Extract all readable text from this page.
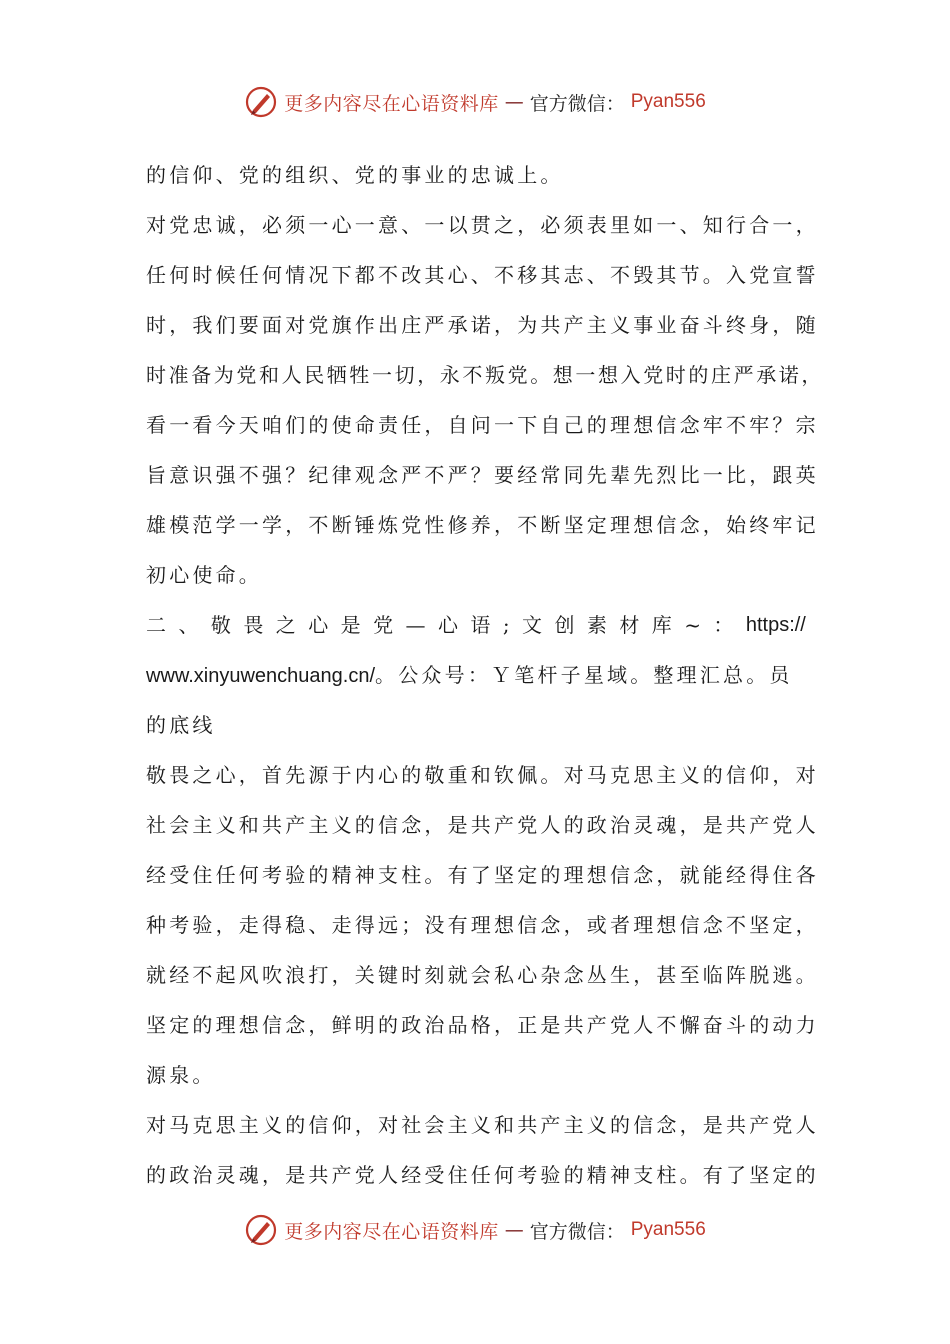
更多内容尽在心语资料库 — 官方微信： Pyan556
的信仰、党的组织、党的事业的忠诚上。
对党忠诚，必须一心一意、一以贯之，必须表里如一、知行合一，
任何时候任何情况下都不改其心、不移其志、不毁其节。入党宣誓
时，我们要面对党旗作出庄严承诺，为共产主义事业奋斗终身，随
时准备为党和人民牺牲一切，永不叛党。想一想入党时的庄严承诺，
看一看今天咱们的使命责任，自问一下自己的理想信念牢不牢？宗
旨意识强不强？纪律观念严不严？要经常同先辈先烈比一比，跟英
雄模范学一学，不断锤炼党性修养，不断坚定理想信念，始终牢记
初心使命。
二 、 敬 畏 之 心 是 党 — 心 语 ; 文 创 素 材 库 ~ ： https://
www.xinyuwenchuang.cn/。公众号：Ｙ笔杆子星域。整理汇总。员
的底线
敬畏之心，首先源于内心的敬重和钦佩。对马克思主义的信仰，对
社会主义和共产主义的信念，是共产党人的政治灵魂，是共产党人
经受住任何考验的精神支柱。有了坚定的理想信念，就能经得住各
种考验，走得稳、走得远；没有理想信念，或者理想信念不坚定，
就经不起风吹浪打，关键时刻就会私心杂念丛生，甚至临阵脱逃。
坚定的理想信念，鲜明的政治品格，正是共产党人不懈奋斗的动力
源泉。
对马克思主义的信仰，对社会主义和共产主义的信念，是共产党人
的政治灵魂，是共产党人经受住任何考验的精神支柱。有了坚定的
更多内容尽在心语资料库 — 官方微信： Pyan556
